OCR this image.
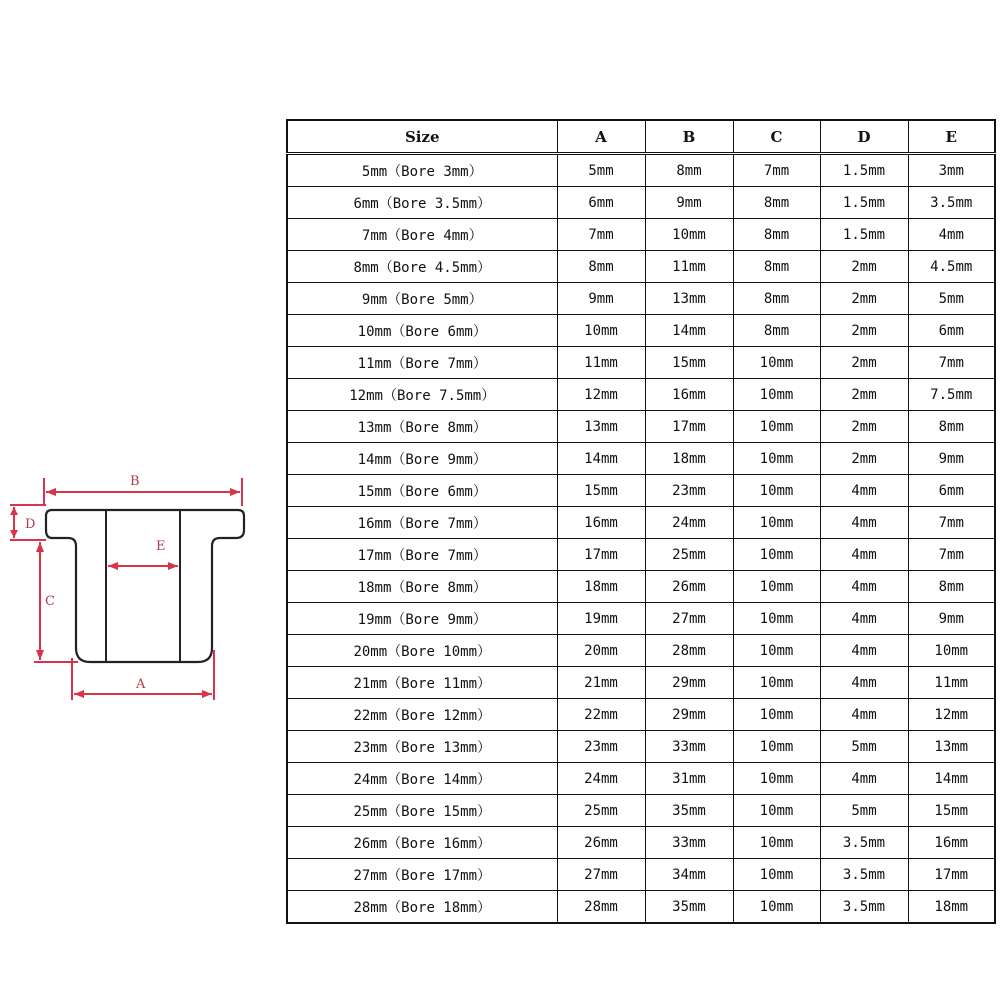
B
D
C
E
A
Size	A	B	C	D	E
5mm（Bore 3mm）	5mm	8mm	7mm	1.5mm	3mm
6mm（Bore 3.5mm）	6mm	9mm	8mm	1.5mm	3.5mm
7mm（Bore 4mm）	7mm	10mm	8mm	1.5mm	4mm
8mm（Bore 4.5mm）	8mm	11mm	8mm	2mm	4.5mm
9mm（Bore 5mm）	9mm	13mm	8mm	2mm	5mm
10mm（Bore 6mm）	10mm	14mm	8mm	2mm	6mm
11mm（Bore 7mm）	11mm	15mm	10mm	2mm	7mm
12mm（Bore 7.5mm）	12mm	16mm	10mm	2mm	7.5mm
13mm（Bore 8mm）	13mm	17mm	10mm	2mm	8mm
14mm（Bore 9mm）	14mm	18mm	10mm	2mm	9mm
15mm（Bore 6mm）	15mm	23mm	10mm	4mm	6mm
16mm（Bore 7mm）	16mm	24mm	10mm	4mm	7mm
17mm（Bore 7mm）	17mm	25mm	10mm	4mm	7mm
18mm（Bore 8mm）	18mm	26mm	10mm	4mm	8mm
19mm（Bore 9mm）	19mm	27mm	10mm	4mm	9mm
20mm（Bore 10mm）	20mm	28mm	10mm	4mm	10mm
21mm（Bore 11mm）	21mm	29mm	10mm	4mm	11mm
22mm（Bore 12mm）	22mm	29mm	10mm	4mm	12mm
23mm（Bore 13mm）	23mm	33mm	10mm	5mm	13mm
24mm（Bore 14mm）	24mm	31mm	10mm	4mm	14mm
25mm（Bore 15mm）	25mm	35mm	10mm	5mm	15mm
26mm（Bore 16mm）	26mm	33mm	10mm	3.5mm	16mm
27mm（Bore 17mm）	27mm	34mm	10mm	3.5mm	17mm
28mm（Bore 18mm）	28mm	35mm	10mm	3.5mm	18mm
